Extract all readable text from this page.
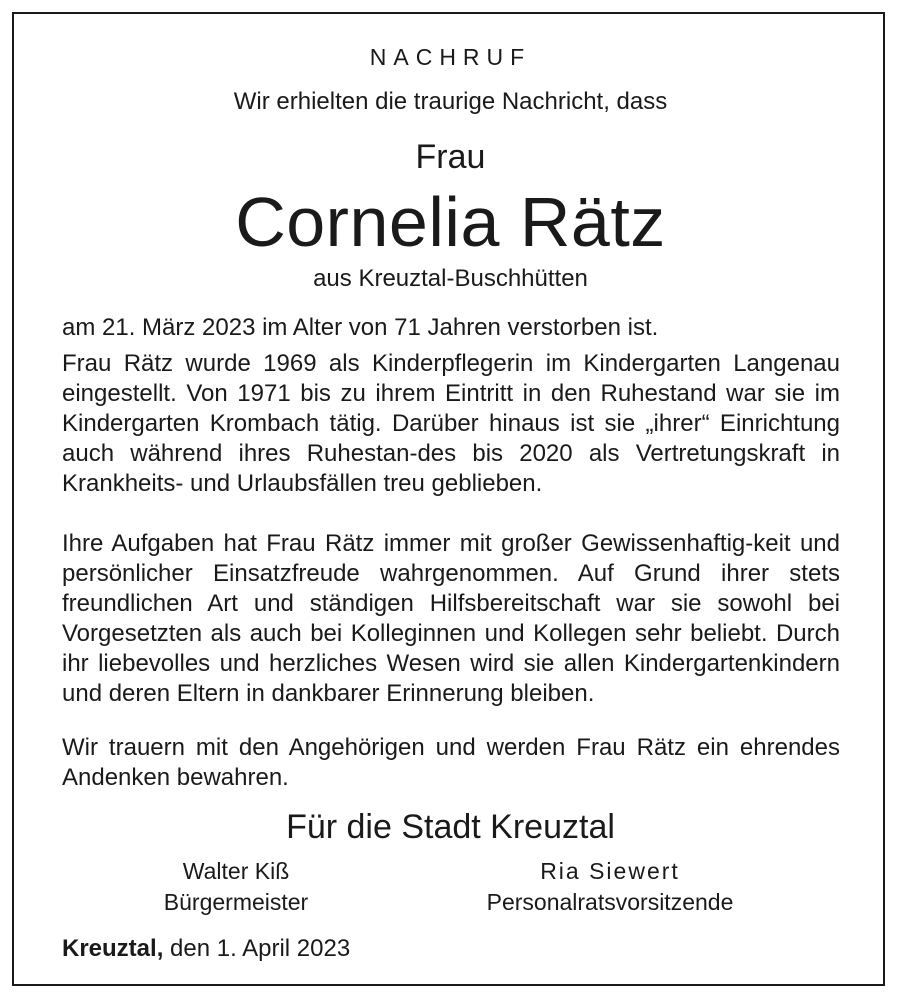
NACHRUF
Wir erhielten die traurige Nachricht, dass
Frau
Cornelia Rätz
aus Kreuztal-Buschhütten

am 21. März 2023 im Alter von 71 Jahren verstorben ist.

Frau Rätz wurde 1969 als Kinderpflegerin im Kindergarten Langenau eingestellt. Von 1971 bis zu ihrem Eintritt in den Ruhestand war sie im Kindergarten Krombach tätig. Darüber hinaus ist sie „ihrer“ Einrichtung auch während ihres Ruhestan-des bis 2020 als Vertretungskraft in Krankheits- und Urlaubsfällen treu geblieben.

Ihre Aufgaben hat Frau Rätz immer mit großer Gewissenhaftig-keit und persönlicher Einsatzfreude wahrgenommen. Auf Grund ihrer stets freundlichen Art und ständigen Hilfsbereitschaft war sie sowohl bei Vorgesetzten als auch bei Kolleginnen und Kollegen sehr beliebt. Durch ihr liebevolles und herzliches Wesen wird sie allen Kindergartenkindern und deren Eltern in dankbarer Erinnerung bleiben.

Wir trauern mit den Angehörigen und werden Frau Rätz ein ehrendes Andenken bewahren.

Für die Stadt Kreuztal
Walter Kiß
Bürgermeister
Ria Siewert
Personalratsvorsitzende
Kreuztal, den 1. April 2023
